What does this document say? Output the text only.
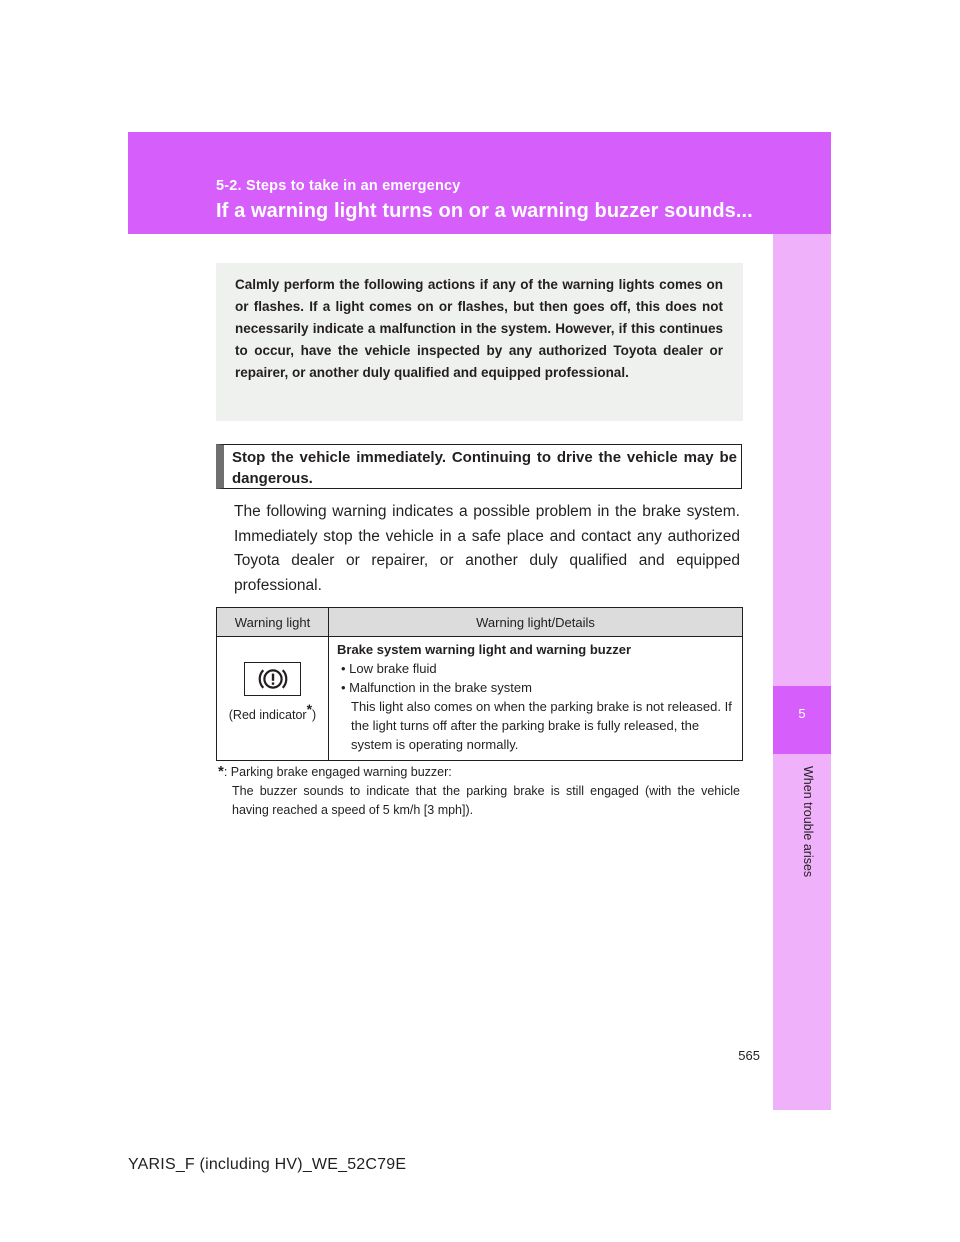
5-2. Steps to take in an emergency
If a warning light turns on or a warning buzzer sounds...
5
When trouble arises

Calmly perform the following actions if any of the warning lights comes on or flashes. If a light comes on or flashes, but then goes off, this does not necessarily indicate a malfunction in the system. However, if this continues to occur, have the vehicle inspected by any authorized Toyota dealer or repairer, or another duly qualified and equipped professional.

Stop the vehicle immediately. Continuing to drive the vehicle may be dangerous.

The following warning indicates a possible problem in the brake system. Immediately stop the vehicle in a safe place and contact any authorized Toyota dealer or repairer, or another duly qualified and equipped professional.

Warning light	Warning light/Details

(Red indicator*)	Brake system warning light and warning buzzer
• Low brake fluid
• Malfunction in the brake system
This light also comes on when the parking brake is not released. If the light turns off after the parking brake is fully released, the system is operating normally.
*: Parking brake engaged warning buzzer:
The buzzer sounds to indicate that the parking brake is still engaged (with the vehicle having reached a speed of 5 km/h [3 mph]).
565
YARIS_F (including HV)_WE_52C79E
